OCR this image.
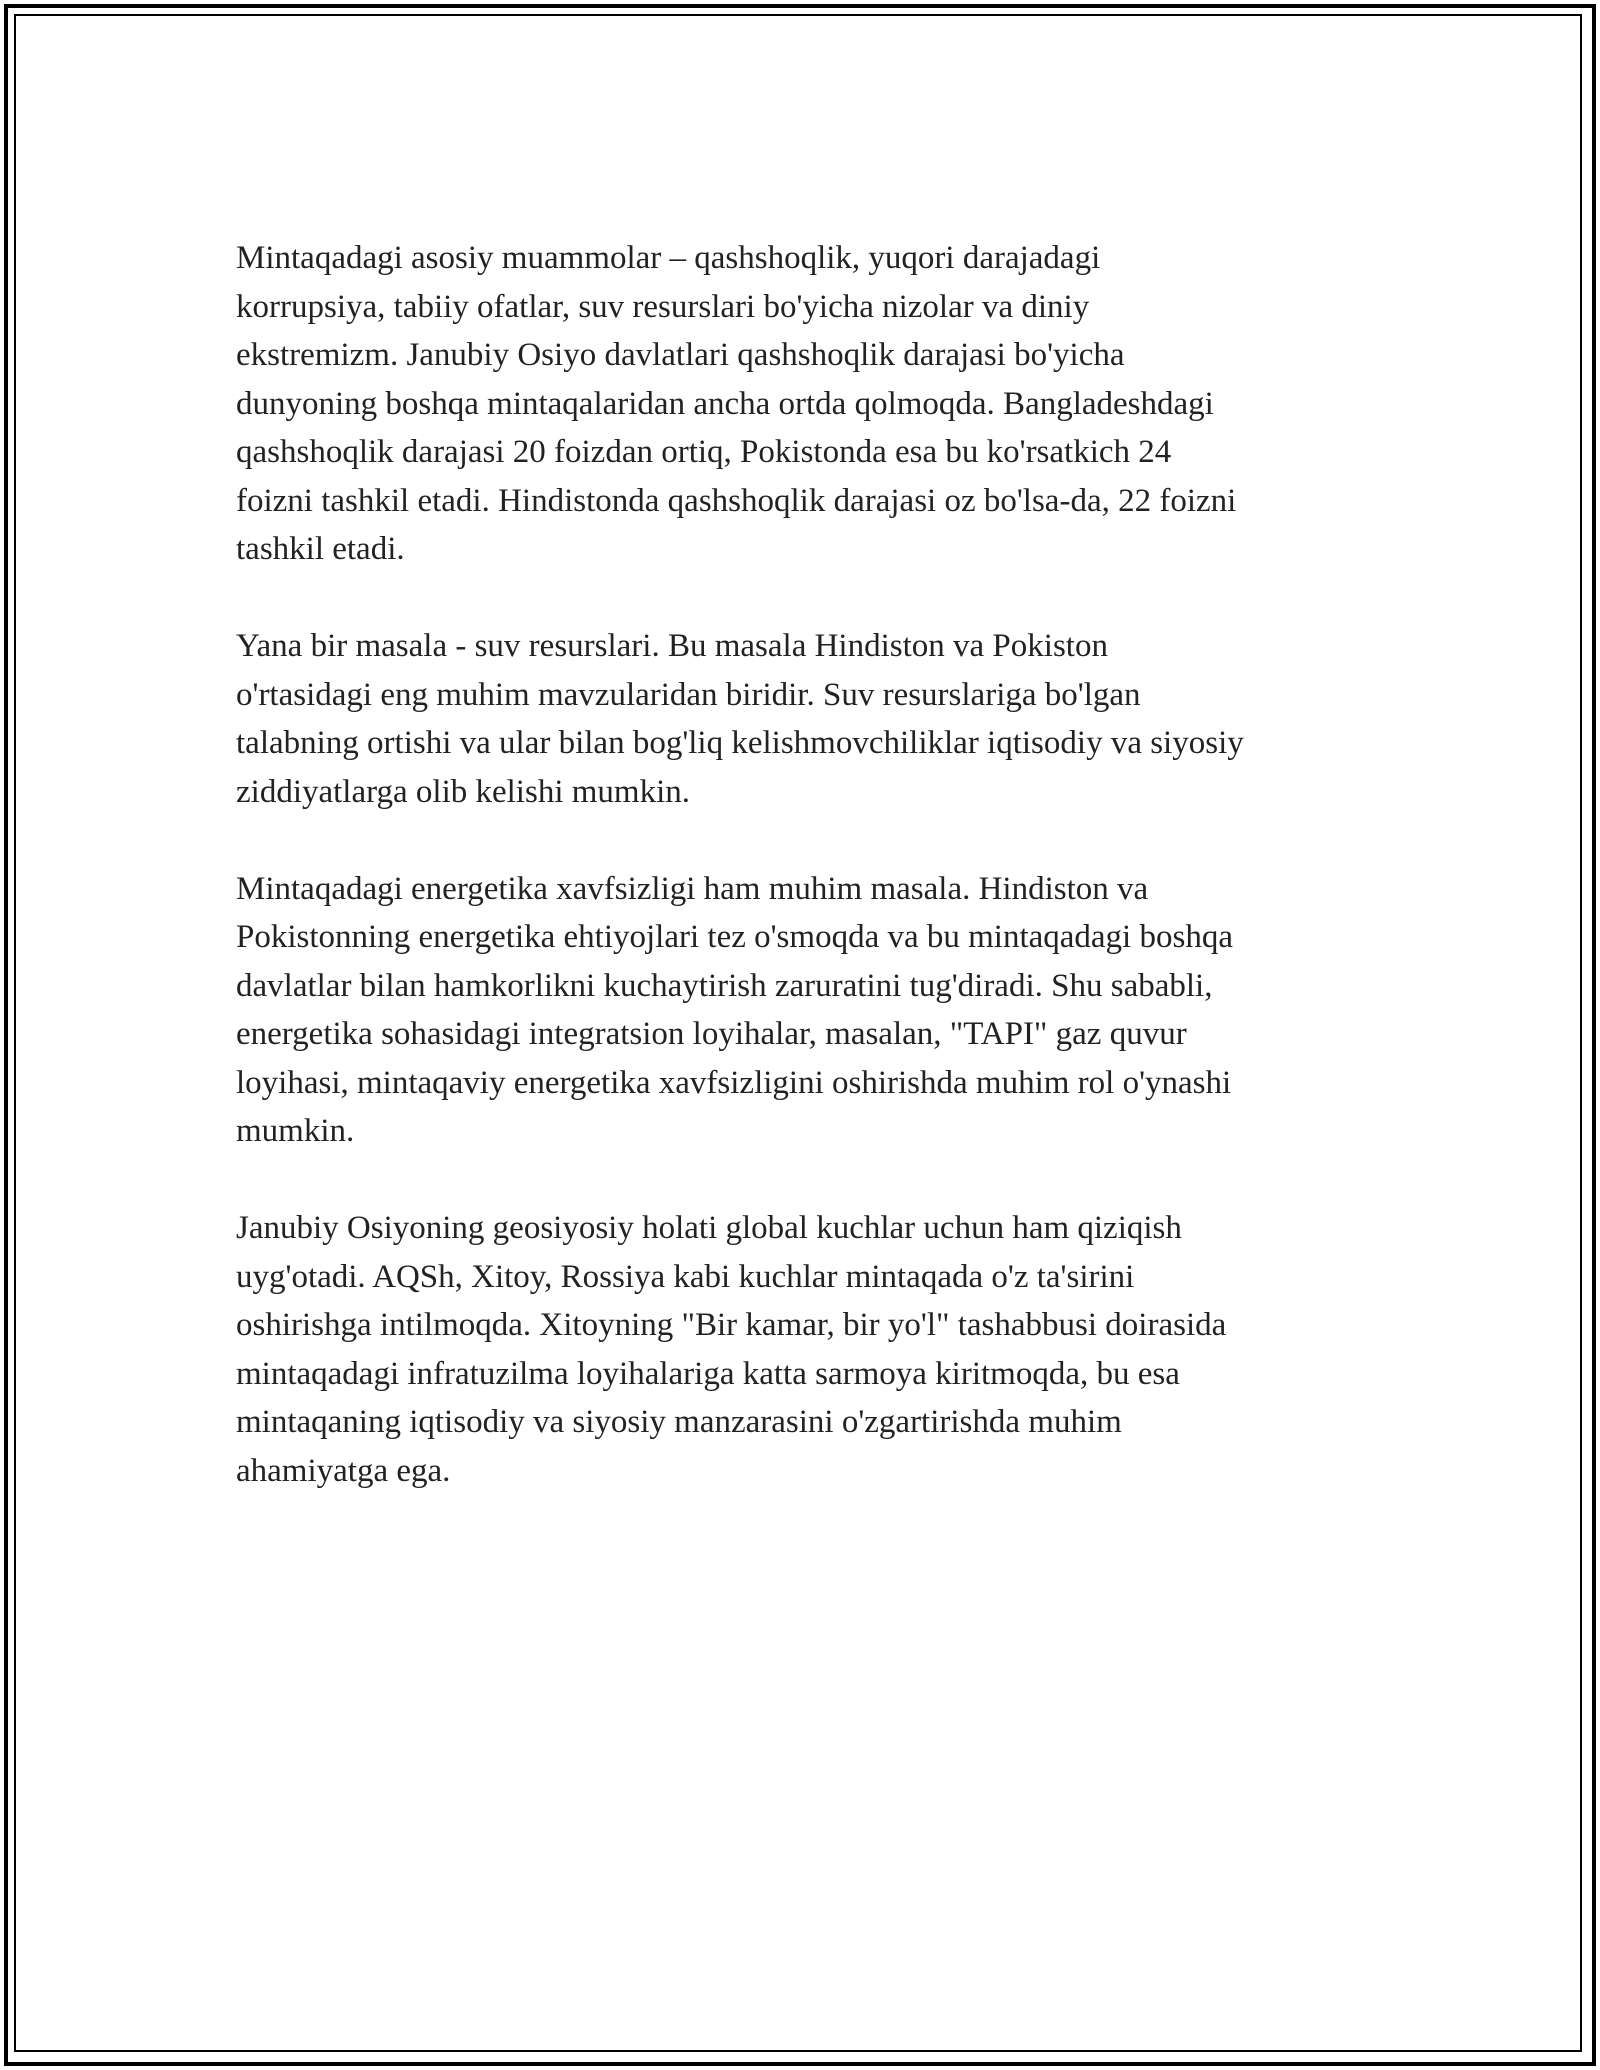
Mintaqadagi asosiy muammolar – qashshoqlik, yuqori darajadagi
korrupsiya, tabiiy ofatlar, suv resurslari bo'yicha nizolar va diniy
ekstremizm. Janubiy Osiyo davlatlari qashshoqlik darajasi bo'yicha
dunyoning boshqa mintaqalaridan ancha ortda qolmoqda. Bangladeshdagi
qashshoqlik darajasi 20 foizdan ortiq, Pokistonda esa bu ko'rsatkich 24
foizni tashkil etadi. Hindistonda qashshoqlik darajasi oz bo'lsa-da, 22 foizni
tashkil etadi.

Yana bir masala - suv resurslari. Bu masala Hindiston va Pokiston
o'rtasidagi eng muhim mavzularidan biridir. Suv resurslariga bo'lgan
talabning ortishi va ular bilan bog'liq kelishmovchiliklar iqtisodiy va siyosiy
ziddiyatlarga olib kelishi mumkin.

Mintaqadagi energetika xavfsizligi ham muhim masala. Hindiston va
Pokistonning energetika ehtiyojlari tez o'smoqda va bu mintaqadagi boshqa
davlatlar bilan hamkorlikni kuchaytirish zaruratini tug'diradi. Shu sababli,
energetika sohasidagi integratsion loyihalar, masalan, "TAPI" gaz quvur
loyihasi, mintaqaviy energetika xavfsizligini oshirishda muhim rol o'ynashi
mumkin.

Janubiy Osiyoning geosiyosiy holati global kuchlar uchun ham qiziqish
uyg'otadi. AQSh, Xitoy, Rossiya kabi kuchlar mintaqada o'z ta'sirini
oshirishga intilmoqda. Xitoyning "Bir kamar, bir yo'l" tashabbusi doirasida
mintaqadagi infratuzilma loyihalariga katta sarmoya kiritmoqda, bu esa
mintaqaning iqtisodiy va siyosiy manzarasini o'zgartirishda muhim
ahamiyatga ega.
